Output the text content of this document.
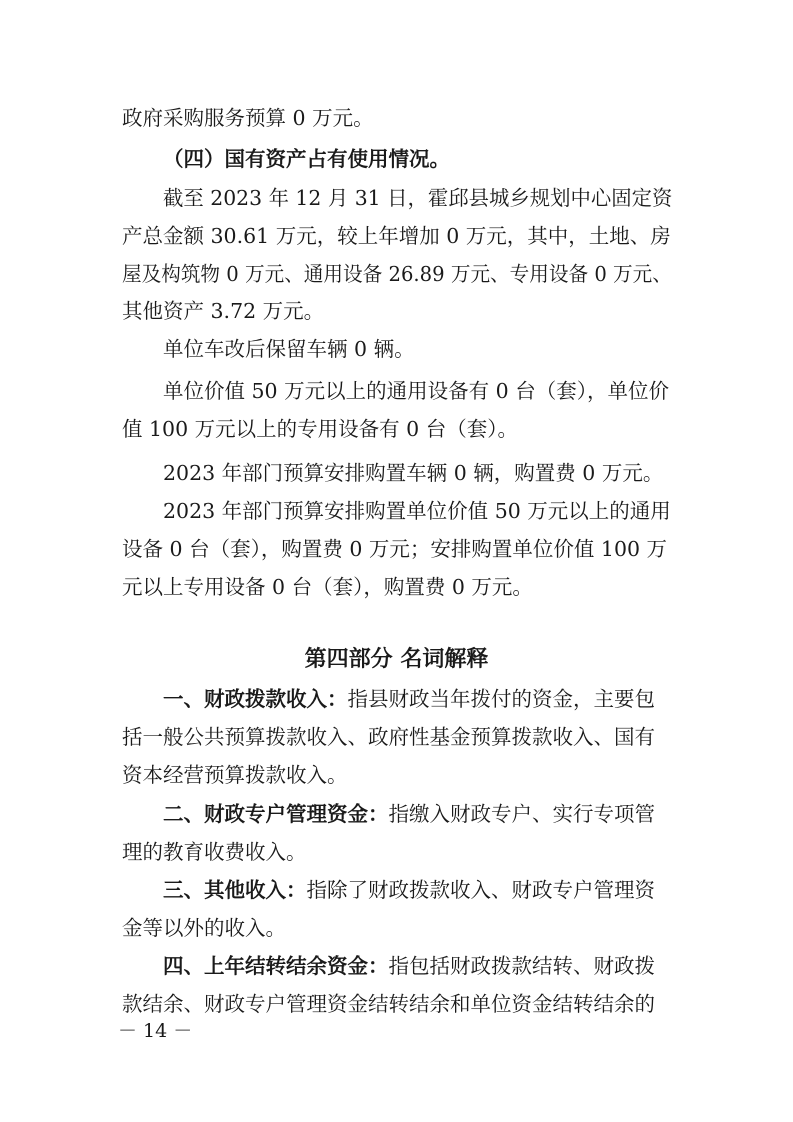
政府采购服务预算 0 万元。
（四）国有资产占有使用情况。
截至 2023 年 12 月 31 日，霍邱县城乡规划中心固定资
产总金额 30.61 万元，较上年增加 0 万元，其中，土地、房
屋及构筑物 0 万元、通用设备 26.89 万元、专用设备 0 万元、
其他资产 3.72 万元。
单位车改后保留车辆 0 辆。
单位价值 50 万元以上的通用设备有 0 台（套），单位价
值 100 万元以上的专用设备有 0 台（套）。
2023 年部门预算安排购置车辆 0 辆，购置费 0 万元。
2023 年部门预算安排购置单位价值 50 万元以上的通用
设备 0 台（套），购置费 0 万元；安排购置单位价值 100 万
元以上专用设备 0 台（套），购置费 0 万元。
第四部分 名词解释
一、财政拨款收入：指县财政当年拨付的资金，主要包
括一般公共预算拨款收入、政府性基金预算拨款收入、国有
资本经营预算拨款收入。
二、财政专户管理资金：指缴入财政专户、实行专项管
理的教育收费收入。
三、其他收入：指除了财政拨款收入、财政专户管理资
金等以外的收入。
四、上年结转结余资金：指包括财政拨款结转、财政拨
款结余、财政专户管理资金结转结余和单位资金结转结余的
－ 14 －
